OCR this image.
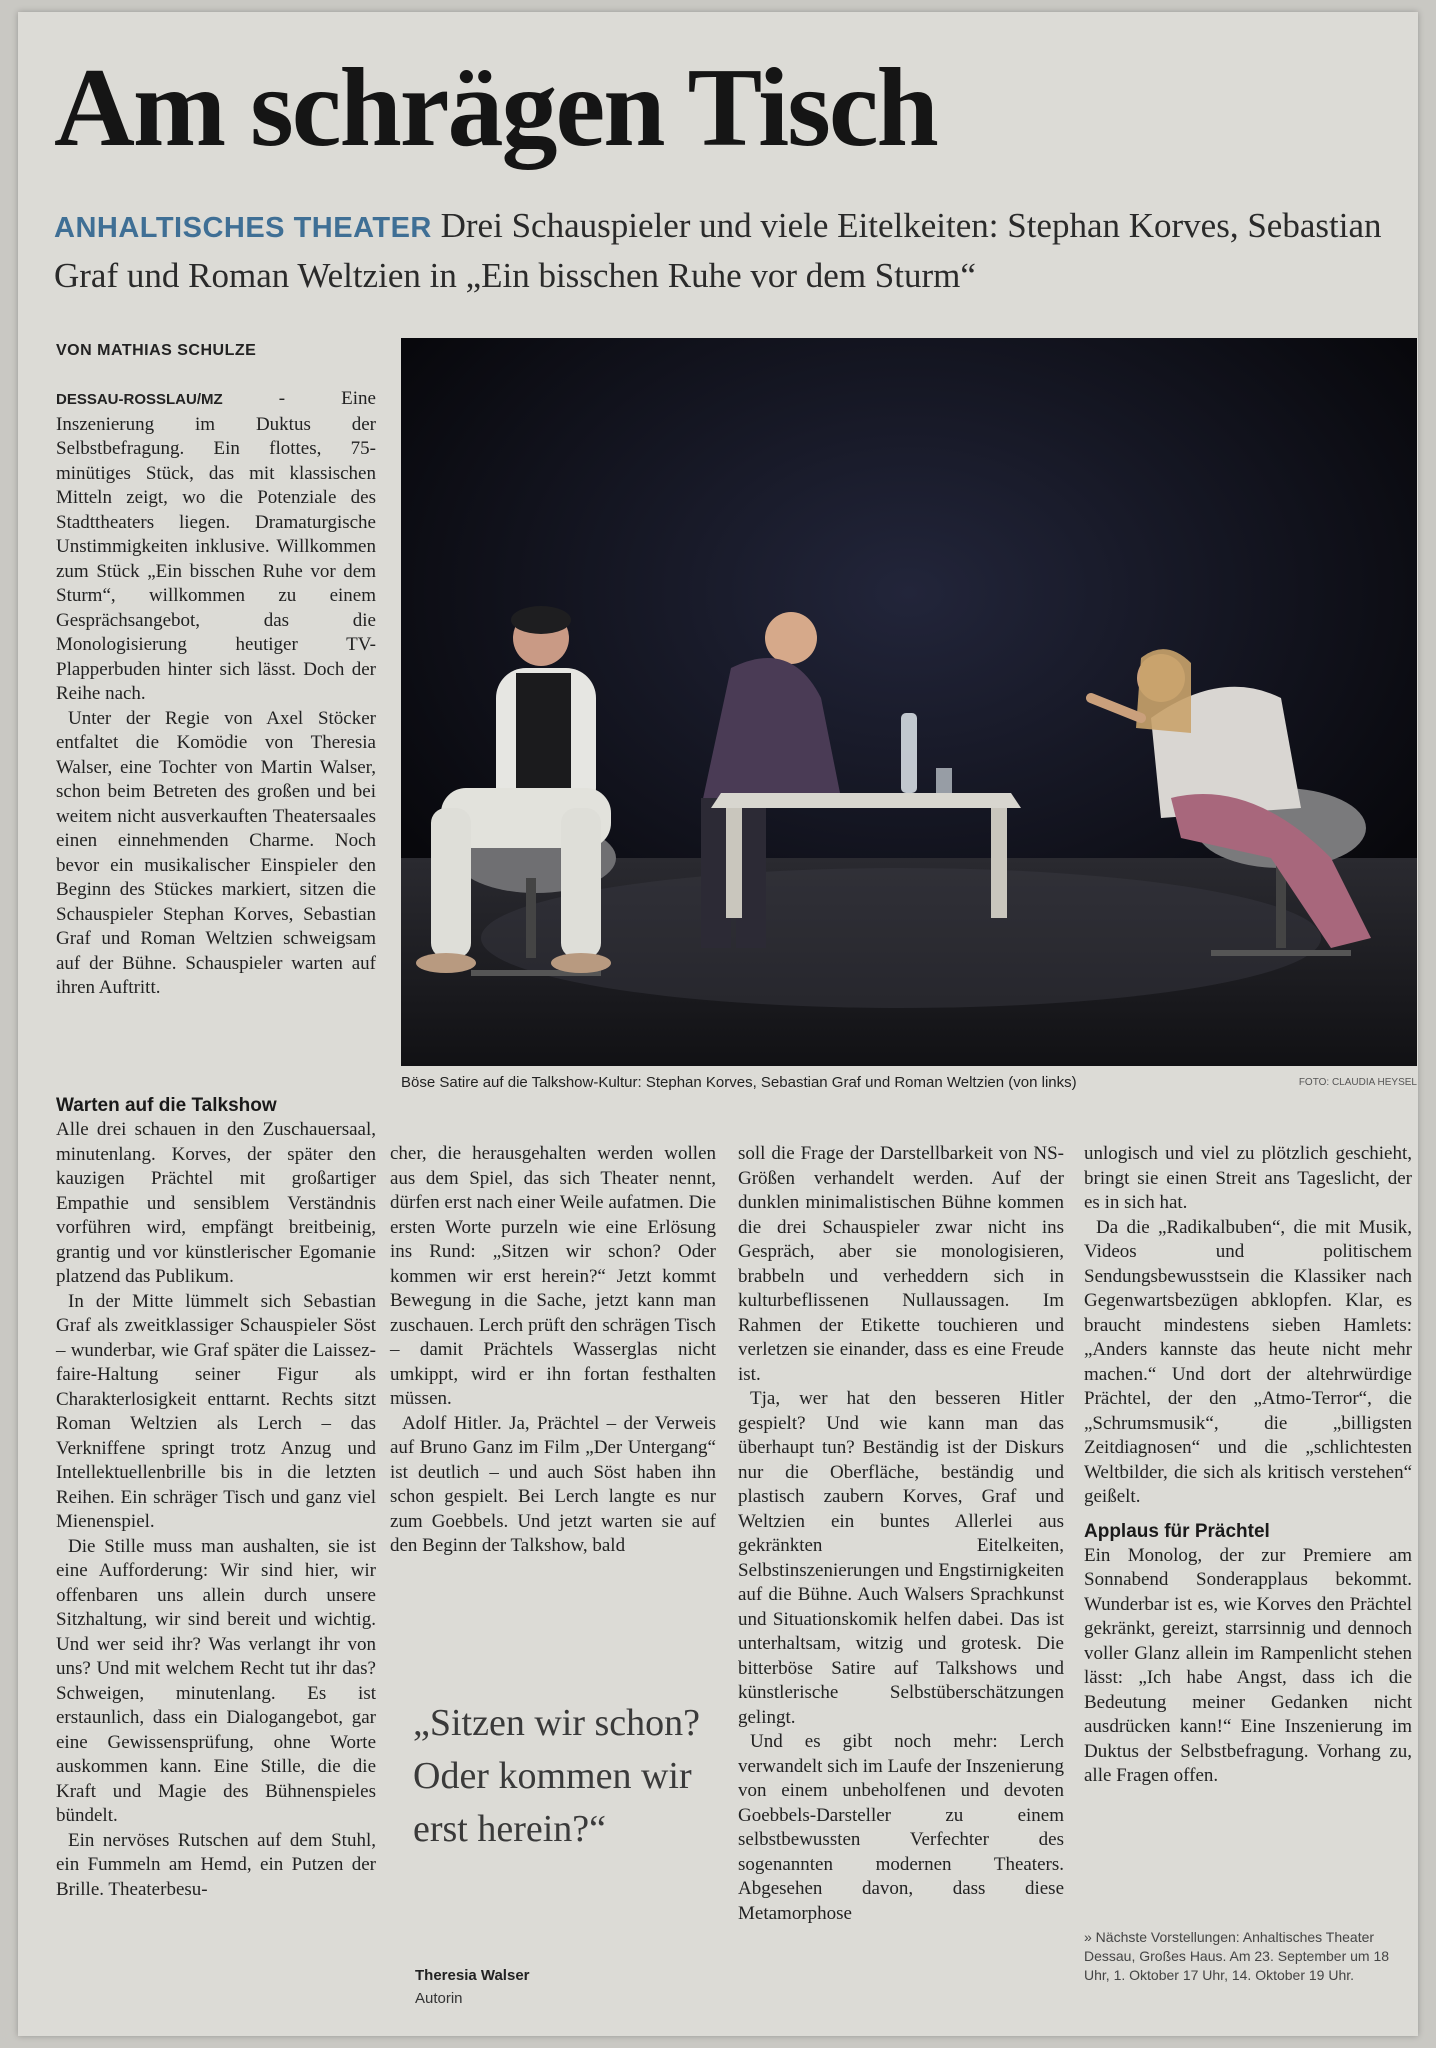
Am schrägen Tisch

ANHALTISCHES THEATER Drei Schauspieler und viele Eitelkeiten: Stephan Korves, Sebastian Graf und Roman Weltzien in „Ein bisschen Ruhe vor dem Sturm“

VON MATHIAS SCHULZE

DESSAU-ROSSLAU/MZ - Eine Inszenierung im Duktus der Selbstbefragung. Ein flottes, 75-minütiges Stück, das mit klassischen Mitteln zeigt, wo die Potenziale des Stadttheaters liegen. Dramaturgische Unstimmigkeiten inklusive. Willkommen zum Stück „Ein bisschen Ruhe vor dem Sturm“, willkommen zu einem Gesprächsangebot, das die Monologisierung heutiger TV-Plapperbuden hinter sich lässt. Doch der Reihe nach.

Unter der Regie von Axel Stöcker entfaltet die Komödie von Theresia Walser, eine Tochter von Martin Walser, schon beim Betreten des großen und bei weitem nicht ausverkauften Theatersaales einen einnehmenden Charme. Noch bevor ein musikalischer Einspieler den Beginn des Stückes markiert, sitzen die Schauspieler Stephan Korves, Sebastian Graf und Roman Weltzien schweigsam auf der Bühne. Schauspieler warten auf ihren Auftritt.

Warten auf die Talkshow

Alle drei schauen in den Zuschauersaal, minutenlang. Korves, der später den kauzigen Prächtel mit großartiger Empathie und sensiblem Verständnis vorführen wird, empfängt breitbeinig, grantig und vor künstlerischer Egomanie platzend das Publikum.

In der Mitte lümmelt sich Sebastian Graf als zweitklassiger Schauspieler Söst – wunderbar, wie Graf später die Laissez-faire-Haltung seiner Figur als Charakterlosigkeit enttarnt. Rechts sitzt Roman Weltzien als Lerch – das Verkniffene springt trotz Anzug und Intellektuellenbrille bis in die letzten Reihen. Ein schräger Tisch und ganz viel Mienenspiel.

Die Stille muss man aushalten, sie ist eine Aufforderung: Wir sind hier, wir offenbaren uns allein durch unsere Sitzhaltung, wir sind bereit und wichtig. Und wer seid ihr? Was verlangt ihr von uns? Und mit welchem Recht tut ihr das? Schweigen, minutenlang. Es ist erstaunlich, dass ein Dialogangebot, gar eine Gewissensprüfung, ohne Worte auskommen kann. Eine Stille, die die Kraft und Magie des Bühnenspieles bündelt.

Ein nervöses Rutschen auf dem Stuhl, ein Fummeln am Hemd, ein Putzen der Brille. Theaterbesu-

Böse Satire auf die Talkshow-Kultur: Stephan Korves, Sebastian Graf und Roman Weltzien (von links)	FOTO: CLAUDIA HEYSEL

cher, die herausgehalten werden wollen aus dem Spiel, das sich Theater nennt, dürfen erst nach einer Weile aufatmen. Die ersten Worte purzeln wie eine Erlösung ins Rund: „Sitzen wir schon? Oder kommen wir erst herein?“ Jetzt kommt Bewegung in die Sache, jetzt kann man zuschauen. Lerch prüft den schrägen Tisch – damit Prächtels Wasserglas nicht umkippt, wird er ihn fortan festhalten müssen.

Adolf Hitler. Ja, Prächtel – der Verweis auf Bruno Ganz im Film „Der Untergang“ ist deutlich – und auch Söst haben ihn schon gespielt. Bei Lerch langte es nur zum Goebbels. Und jetzt warten sie auf den Beginn der Talkshow, bald

„Sitzen wir schon? Oder kommen wir erst herein?“
Theresia Walser
Autorin

soll die Frage der Darstellbarkeit von NS-Größen verhandelt werden. Auf der dunklen minimalistischen Bühne kommen die drei Schauspieler zwar nicht ins Gespräch, aber sie monologisieren, brabbeln und verheddern sich in kulturbeflissenen Nullaussagen. Im Rahmen der Etikette touchieren und verletzen sie einander, dass es eine Freude ist.

Tja, wer hat den besseren Hitler gespielt? Und wie kann man das überhaupt tun? Beständig ist der Diskurs nur die Oberfläche, beständig und plastisch zaubern Korves, Graf und Weltzien ein buntes Allerlei aus gekränkten Eitelkeiten, Selbstinszenierungen und Engstirnigkeiten auf die Bühne. Auch Walsers Sprachkunst und Situationskomik helfen dabei. Das ist unterhaltsam, witzig und grotesk. Die bitterböse Satire auf Talkshows und künstlerische Selbstüberschätzungen gelingt.

Und es gibt noch mehr: Lerch verwandelt sich im Laufe der Inszenierung von einem unbeholfenen und devoten Goebbels-Darsteller zu einem selbstbewussten Verfechter des sogenannten modernen Theaters. Abgesehen davon, dass diese Metamorphose

unlogisch und viel zu plötzlich geschieht, bringt sie einen Streit ans Tageslicht, der es in sich hat.

Da die „Radikalbuben“, die mit Musik, Videos und politischem Sendungsbewusstsein die Klassiker nach Gegenwartsbezügen abklopfen. Klar, es braucht mindestens sieben Hamlets: „Anders kannste das heute nicht mehr machen.“ Und dort der altehrwürdige Prächtel, der den „Atmo-Terror“, die „Schrumsmusik“, die „billigsten Zeitdiagnosen“ und die „schlichtesten Weltbilder, die sich als kritisch verstehen“ geißelt.

Applaus für Prächtel

Ein Monolog, der zur Premiere am Sonnabend Sonderapplaus bekommt. Wunderbar ist es, wie Korves den Prächtel gekränkt, gereizt, starrsinnig und dennoch voller Glanz allein im Rampenlicht stehen lässt: „Ich habe Angst, dass ich die Bedeutung meiner Gedanken nicht ausdrücken kann!“ Eine Inszenierung im Duktus der Selbstbefragung. Vorhang zu, alle Fragen offen.

» Nächste Vorstellungen: Anhaltisches Theater Dessau, Großes Haus. Am 23. September um 18 Uhr, 1. Oktober 17 Uhr, 14. Oktober 19 Uhr.
